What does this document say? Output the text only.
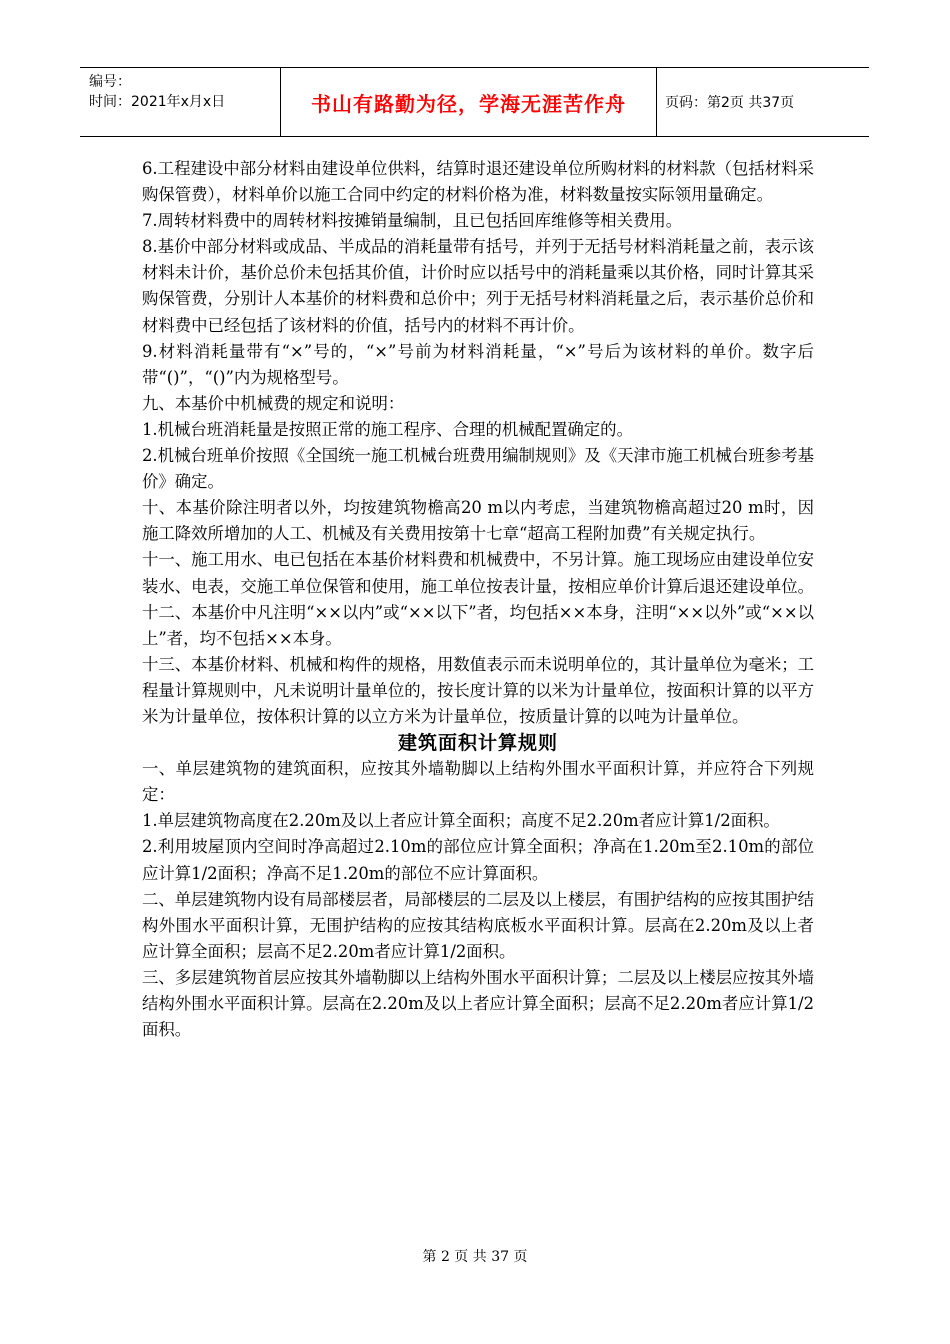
编号：
时间：2021年x月x日	书山有路勤为径，学海无涯苦作舟	页码：第2页 共37页

6.工程建设中部分材料由建设单位供料，结算时退还建设单位所购材料的材料款（包括材料采购保管费），材料单价以施工合同中约定的材料价格为准，材料数量按实际领用量确定。

7.周转材料费中的周转材料按摊销量编制，且已包括回库维修等相关费用。

8.基价中部分材料或成品、半成品的消耗量带有括号，并列于无括号材料消耗量之前，表示该材料未计价，基价总价未包括其价值，计价时应以括号中的消耗量乘以其价格，同时计算其采购保管费，分别计人本基价的材料费和总价中；列于无括号材料消耗量之后，表示基价总价和材料费中已经包括了该材料的价值，括号内的材料不再计价。

9.材料消耗量带有“×”号的，“×”号前为材料消耗量，“×”号后为该材料的单价。数字后带“()”，“()”内为规格型号。

九、本基价中机械费的规定和说明：

1.机械台班消耗量是按照正常的施工程序、合理的机械配置确定的。

2.机械台班单价按照《全国统一施工机械台班费用编制规则》及《天津市施工机械台班参考基价》确定。

十、本基价除注明者以外，均按建筑物檐高20 m以内考虑，当建筑物檐高超过20 m时，因施工降效所增加的人工、机械及有关费用按第十七章“超高工程附加费”有关规定执行。

十一、施工用水、电已包括在本基价材料费和机械费中，不另计算。施工现场应由建设单位安装水、电表，交施工单位保管和使用，施工单位按表计量，按相应单价计算后退还建设单位。

十二、本基价中凡注明“××以内”或“××以下”者，均包括××本身，注明“××以外”或“××以上”者，均不包括××本身。

十三、本基价材料、机械和构件的规格，用数值表示而未说明单位的，其计量单位为毫米；工程量计算规则中，凡未说明计量单位的，按长度计算的以米为计量单位，按面积计算的以平方米为计量单位，按体积计算的以立方米为计量单位，按质量计算的以吨为计量单位。

建筑面积计算规则

一、单层建筑物的建筑面积，应按其外墙勒脚以上结构外围水平面积计算，并应符合下列规定：

1.单层建筑物高度在2.20m及以上者应计算全面积；高度不足2.20m者应计算1/2面积。

2.利用坡屋顶内空间时净高超过2.10m的部位应计算全面积；净高在1.20m至2.10m的部位应计算1/2面积；净高不足1.20m的部位不应计算面积。

二、单层建筑物内设有局部楼层者，局部楼层的二层及以上楼层，有围护结构的应按其围护结构外围水平面积计算，无围护结构的应按其结构底板水平面积计算。层高在2.20m及以上者应计算全面积；层高不足2.20m者应计算1/2面积。

三、多层建筑物首层应按其外墙勒脚以上结构外围水平面积计算；二层及以上楼层应按其外墙结构外围水平面积计算。层高在2.20m及以上者应计算全面积；层高不足2.20m者应计算1/2面积。

第 2 页 共 37 页
